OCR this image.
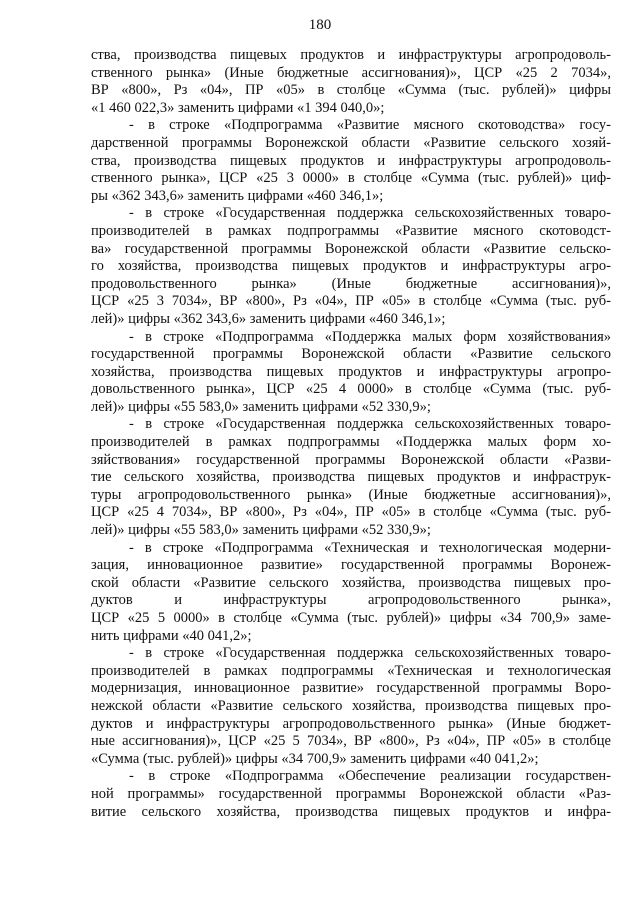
180
ства, производства пищевых продуктов и инфраструктуры агропродоволь-
ственного рынка» (Иные бюджетные ассигнования)», ЦСР «25 2 7034»,
ВР «800», Рз «04», ПР «05» в столбце «Сумма (тыс. рублей)» цифры
«1 460 022,3» заменить цифрами «1 394 040,0»;
- в строке «Подпрограмма «Развитие мясного скотоводства» госу-
дарственной программы Воронежской области «Развитие сельского хозяй-
ства, производства пищевых продуктов и инфраструктуры агропродоволь-
ственного рынка», ЦСР «25 3 0000» в столбце «Сумма (тыс. рублей)» циф-
ры «362 343,6» заменить цифрами «460 346,1»;
- в строке «Государственная поддержка сельскохозяйственных товаро-
производителей в рамках подпрограммы «Развитие мясного скотоводст-
ва» государственной программы Воронежской области «Развитие сельско-
го хозяйства, производства пищевых продуктов и инфраструктуры агро-
продовольственного рынка» (Иные бюджетные ассигнования)»,
ЦСР «25 3 7034», ВР «800», Рз «04», ПР «05» в столбце «Сумма (тыс. руб-
лей)» цифры «362 343,6» заменить цифрами «460 346,1»;
- в строке «Подпрограмма «Поддержка малых форм хозяйствования»
государственной программы Воронежской области «Развитие сельского
хозяйства, производства пищевых продуктов и инфраструктуры агропро-
довольственного рынка», ЦСР «25 4 0000» в столбце «Сумма (тыс. руб-
лей)» цифры «55 583,0» заменить цифрами «52 330,9»;
- в строке «Государственная поддержка сельскохозяйственных товаро-
производителей в рамках подпрограммы «Поддержка малых форм хо-
зяйствования» государственной программы Воронежской области «Разви-
тие сельского хозяйства, производства пищевых продуктов и инфраструк-
туры агропродовольственного рынка» (Иные бюджетные ассигнования)»,
ЦСР «25 4 7034», ВР «800», Рз «04», ПР «05» в столбце «Сумма (тыс. руб-
лей)» цифры «55 583,0» заменить цифрами «52 330,9»;
- в строке «Подпрограмма «Техническая и технологическая модерни-
зация, инновационное развитие» государственной программы Воронеж-
ской области «Развитие сельского хозяйства, производства пищевых про-
дуктов и инфраструктуры агропродовольственного рынка»,
ЦСР «25 5 0000» в столбце «Сумма (тыс. рублей)» цифры «34 700,9» заме-
нить цифрами «40 041,2»;
- в строке «Государственная поддержка сельскохозяйственных товаро-
производителей в рамках подпрограммы «Техническая и технологическая
модернизация, инновационное развитие» государственной программы Воро-
нежской области «Развитие сельского хозяйства, производства пищевых про-
дуктов и инфраструктуры агропродовольственного рынка» (Иные бюджет-
ные ассигнования)», ЦСР «25 5 7034», ВР «800», Рз «04», ПР «05» в столбце
«Сумма (тыс. рублей)» цифры «34 700,9» заменить цифрами «40 041,2»;
- в строке «Подпрограмма «Обеспечение реализации государствен-
ной программы» государственной программы Воронежской области «Раз-
витие сельского хозяйства, производства пищевых продуктов и инфра-
